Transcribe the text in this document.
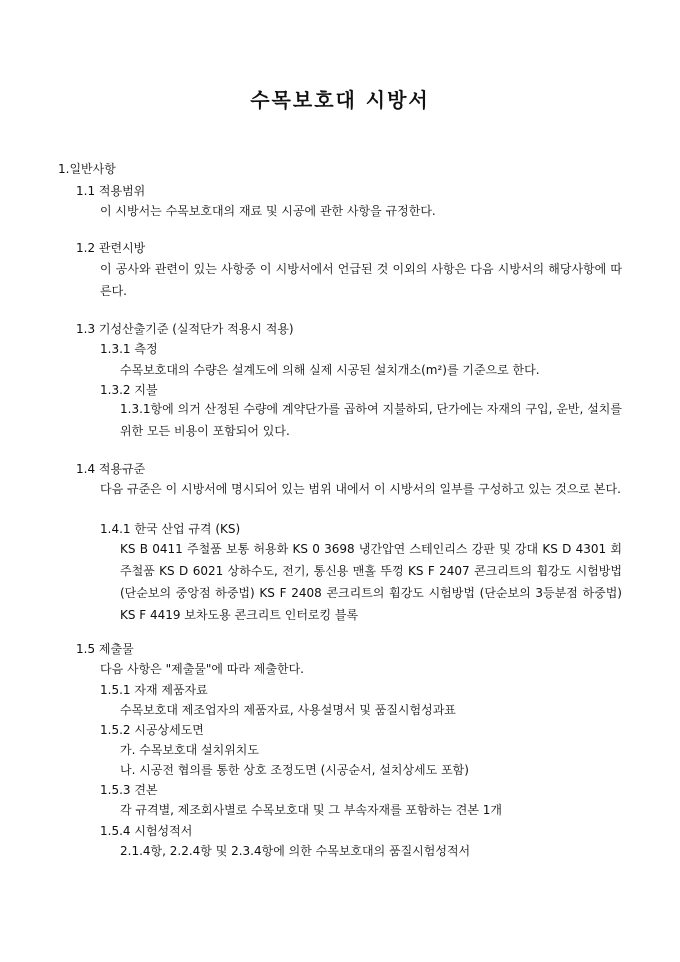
수목보호대 시방서
1.일반사항
1.1 적용범위
이 시방서는 수목보호대의 재료 및 시공에 관한 사항을 규정한다.
1.2 관련시방
이 공사와 관련이 있는 사항중 이 시방서에서 언급된 것 이외의 사항은 다음 시방서의 해당사항에 따른다.
1.3 기성산출기준 (실적단가 적용시 적용)
1.3.1 측정
수목보호대의 수량은 설계도에 의해 실제 시공된 설치개소(m²)를 기준으로 한다.
1.3.2 지불
1.3.1항에 의거 산정된 수량에 계약단가를 곱하여 지불하되, 단가에는 자재의 구입, 운반, 설치를 위한 모든 비용이 포함되어 있다.
1.4 적용규준
다음 규준은 이 시방서에 명시되어 있는 범위 내에서 이 시방서의 일부를 구성하고 있는 것으로 본다.
1.4.1 한국 산업 규격 (KS)
KS B 0411 주철품 보통 허용화 KS 0 3698 냉간압연 스테인리스 강판 및 강대 KS D 4301 회 주철품 KS D 6021 상하수도, 전기, 통신용 맨홀 뚜껑 KS F 2407 콘크리트의 휨강도 시험방법 (단순보의 중앙점 하중법) KS F 2408 콘크리트의 휨강도 시험방법 (단순보의 3등분점 하중법) KS F 4419 보차도용 콘크리트 인터로킹 블록
1.5 제출물
다음 사항은 "제출물"에 따라 제출한다.
1.5.1 자재 제품자료
수목보호대 제조업자의 제품자료, 사용설명서 및 품질시험성과표
1.5.2 시공상세도면
가. 수목보호대 설치위치도
나. 시공전 협의를 통한 상호 조정도면 (시공순서, 설치상세도 포함)
1.5.3 견본
각 규격별, 제조회사별로 수목보호대 및 그 부속자재를 포함하는 견본 1개
1.5.4 시험성적서
2.1.4항, 2.2.4항 및 2.3.4항에 의한 수목보호대의 품질시험성적서
